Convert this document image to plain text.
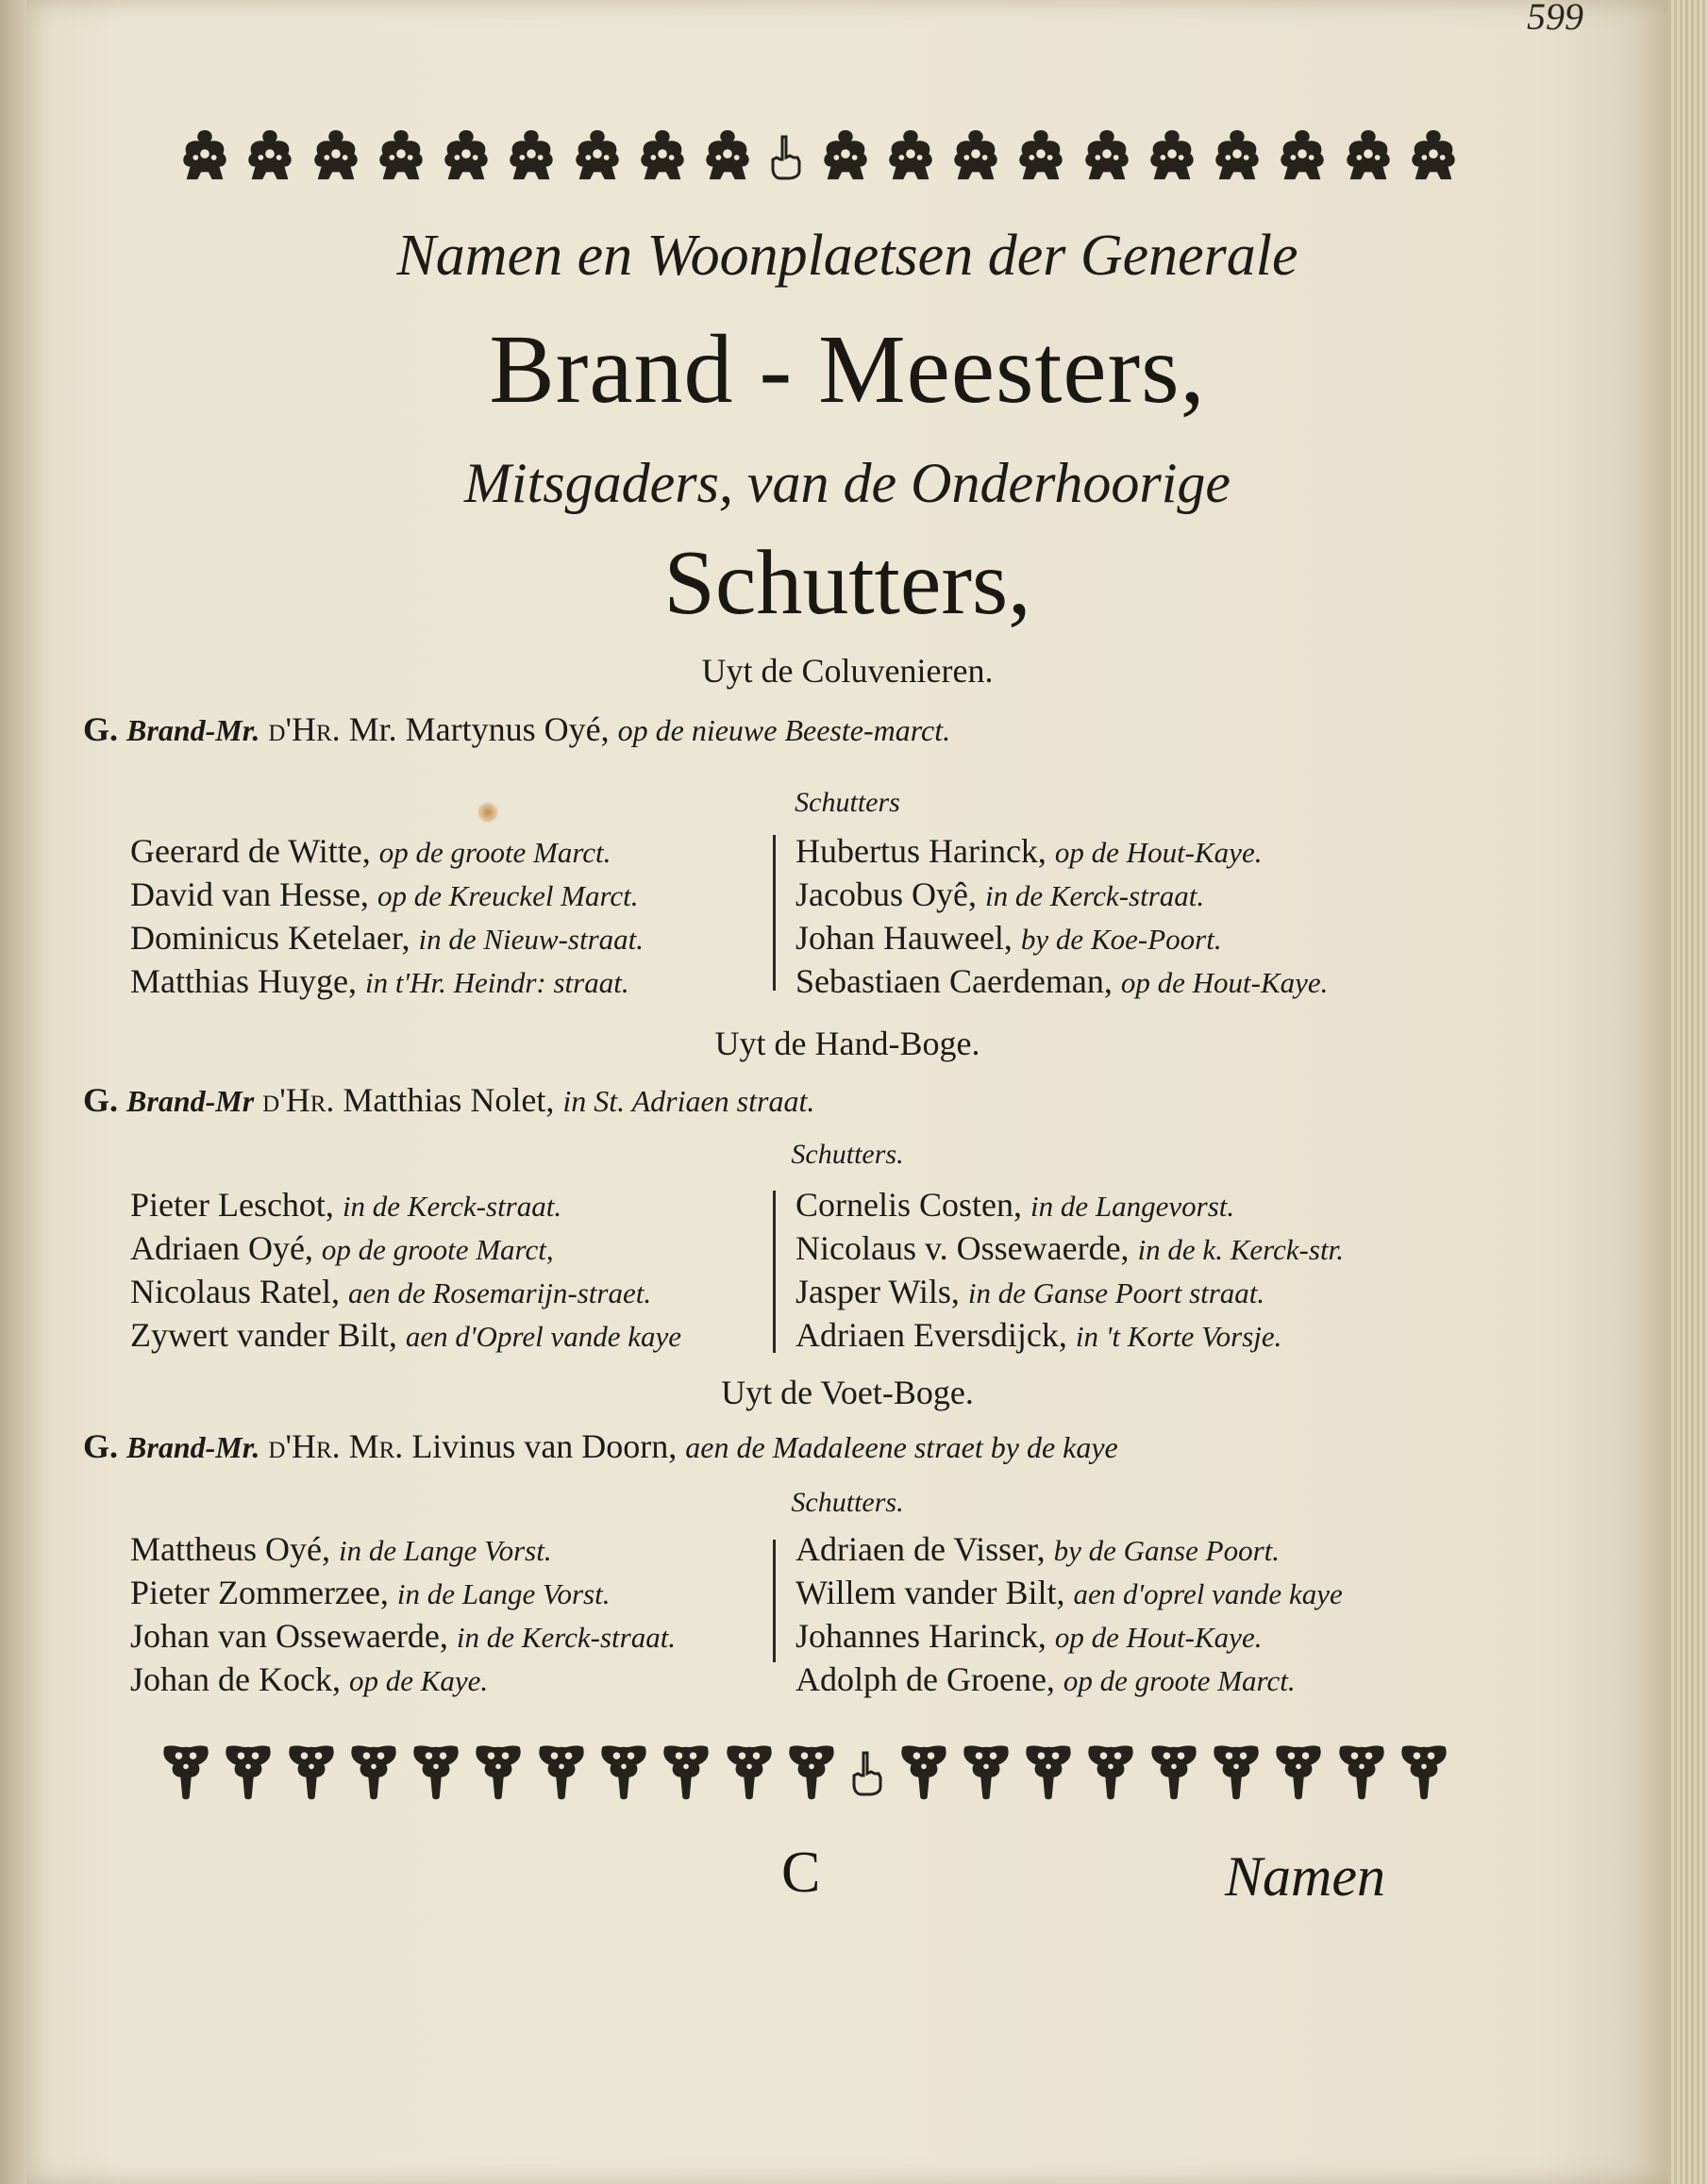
599
Namen en Woonplaetsen der Generale
Brand - Meesters,
Mitsgaders, van de Onderhoorige
Schutters,
Uyt de Coluvenieren.
G. Brand-Mr. d'Hr. Mr. Martynus Oyé, op de nieuwe Beeste-marct.
Schutters
Geerard de Witte, op de groote Marct.
David van Hesse, op de Kreuckel Marct.
Dominicus Ketelaer, in de Nieuw-straat.
Matthias Huyge, in t'Hr. Heindr: straat.
Hubertus Harinck, op de Hout-Kaye.
Jacobus Oyê, in de Kerck-straat.
Johan Hauweel, by de Koe-Poort.
Sebastiaen Caerdeman, op de Hout-Kaye.
Uyt de Hand-Boge.
G. Brand-Mr d'Hr. Matthias Nolet, in St. Adriaen straat.
Schutters.
Pieter Leschot, in de Kerck-straat.
Adriaen Oyé, op de groote Marct,
Nicolaus Ratel, aen de Rosemarijn-straet.
Zywert vander Bilt, aen d'Oprel vande kaye
Cornelis Costen, in de Langevorst.
Nicolaus v. Ossewaerde, in de k. Kerck-str.
Jasper Wils, in de Ganse Poort straat.
Adriaen Eversdijck, in 't Korte Vorsje.
Uyt de Voet-Boge.
G. Brand-Mr. d'Hr. Mr. Livinus van Doorn, aen de Madaleene straet by de kaye
Schutters.
Mattheus Oyé, in de Lange Vorst.
Pieter Zommerzee, in de Lange Vorst.
Johan van Ossewaerde, in de Kerck-straat.
Johan de Kock, op de Kaye.
Adriaen de Visser, by de Ganse Poort.
Willem vander Bilt, aen d'oprel vande kaye
Johannes Harinck, op de Hout-Kaye.
Adolph de Groene, op de groote Marct.
C	Namen
